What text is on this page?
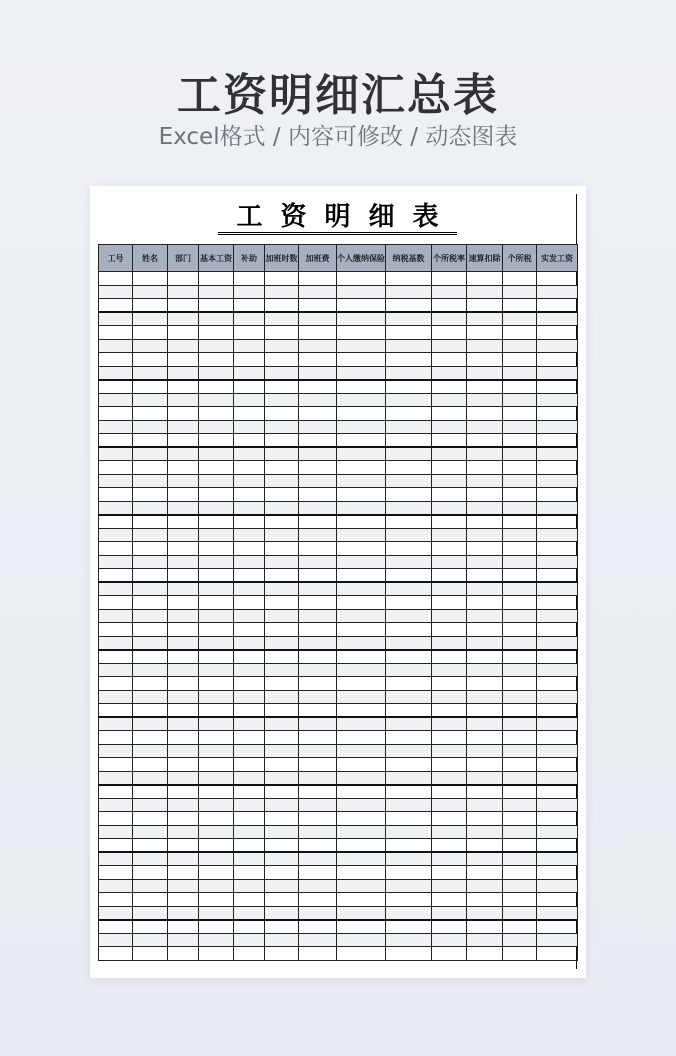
工资明细汇总表
Excel格式 / 内容可修改 / 动态图表
工资明细表
工号	姓名	部门	基本工资	补助	加班时数	加班费	个人缴纳保险	纳税基数	个所税率	速算扣除	个所税	实发工资
